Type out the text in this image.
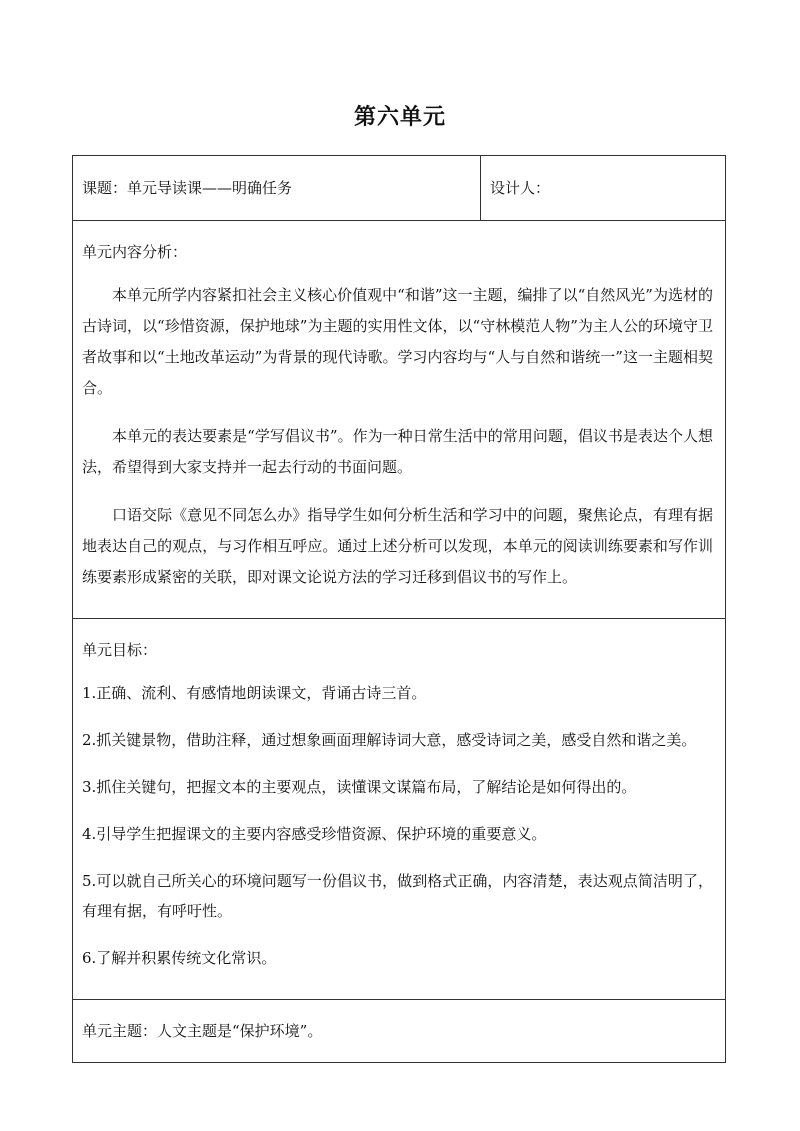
第六单元
课题：单元导读课——明确任务	设计人：

单元内容分析：

本单元所学内容紧扣社会主义核心价值观中“和谐”这一主题，编排了以“自然风光”为选材的古诗词，以“珍惜资源，保护地球”为主题的实用性文体，以“守林模范人物”为主人公的环境守卫者故事和以“土地改革运动”为背景的现代诗歌。学习内容均与“人与自然和谐统一”这一主题相契合。

本单元的表达要素是“学写倡议书”。作为一种日常生活中的常用问题，倡议书是表达个人想法，希望得到大家支持并一起去行动的书面问题。

口语交际《意见不同怎么办》指导学生如何分析生活和学习中的问题，聚焦论点，有理有据地表达自己的观点，与习作相互呼应。通过上述分析可以发现，本单元的阅读训练要素和写作训练要素形成紧密的关联，即对课文论说方法的学习迁移到倡议书的写作上。

单元目标：

1.正确、流利、有感情地朗读课文，背诵古诗三首。

2.抓关键景物，借助注释，通过想象画面理解诗词大意，感受诗词之美，感受自然和谐之美。

3.抓住关键句，把握文本的主要观点，读懂课文谋篇布局，了解结论是如何得出的。

4.引导学生把握课文的主要内容感受珍惜资源、保护环境的重要意义。

5.可以就自己所关心的环境问题写一份倡议书，做到格式正确，内容清楚，表达观点简洁明了，有理有据，有呼吁性。

6.了解并积累传统文化常识。

单元主题：人文主题是“保护环境”。
